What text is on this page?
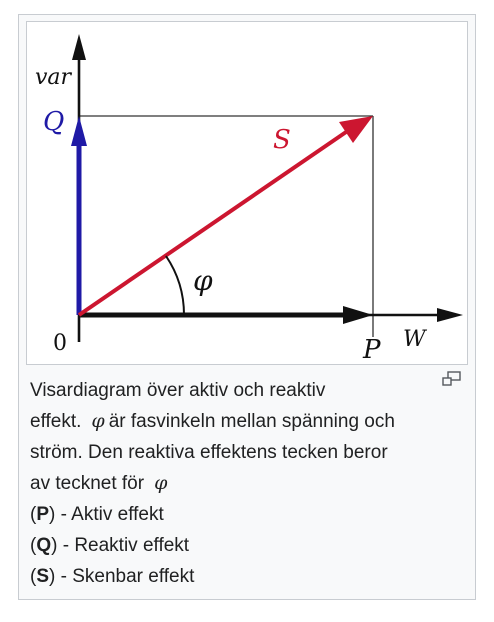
var
Q
S
φ
0	P W

Visardiagram över aktiv och reaktiv
effekt. φ är fasvinkeln mellan spänning och
ström. Den reaktiva effektens tecken beror
av tecknet för φ

(P) - Aktiv effekt

(Q) - Reaktiv effekt

(S) - Skenbar effekt
